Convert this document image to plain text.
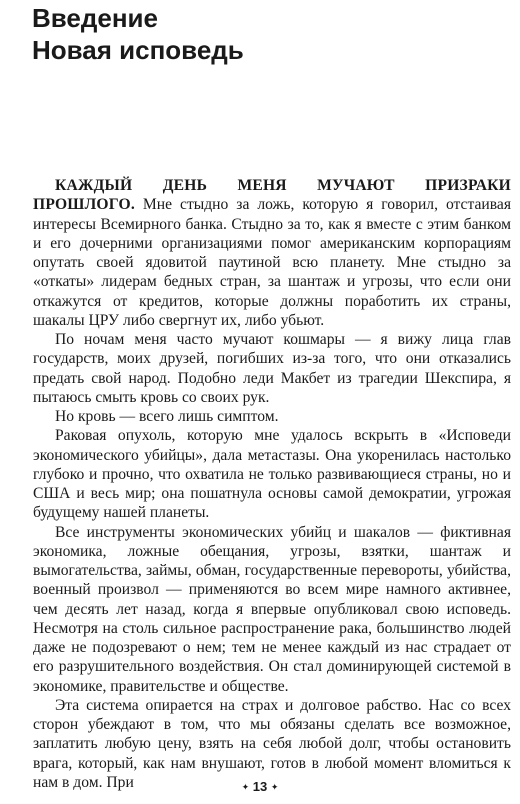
Введение
Новая исповедь

КАЖДЫЙ ДЕНЬ МЕНЯ МУЧАЮТ ПРИЗРАКИ ПРОШЛОГО. Мне стыдно за ложь, которую я говорил, отстаивая интересы Всемирного банка. Стыдно за то, как я вместе с этим банком и его дочерними организациями помог американским корпорациям опутать своей ядовитой паутиной всю планету. Мне стыдно за «откаты» лидерам бедных стран, за шантаж и угрозы, что если они откажутся от кредитов, которые должны поработить их страны, шакалы ЦРУ либо свергнут их, либо убьют.

По ночам меня часто мучают кошмары — я вижу лица глав государств, моих друзей, погибших из-за того, что они отказались предать свой народ. Подобно леди Макбет из трагедии Шекспира, я пытаюсь смыть кровь со своих рук.

Но кровь — всего лишь симптом.

Раковая опухоль, которую мне удалось вскрыть в «Исповеди экономического убийцы», дала метастазы. Она укоренилась настолько глубоко и прочно, что охватила не только развивающиеся страны, но и США и весь мир; она пошатнула основы самой демократии, угрожая будущему нашей планеты.

Все инструменты экономических убийц и шакалов — фиктивная экономика, ложные обещания, угрозы, взятки, шантаж и вымогательства, займы, обман, государственные перевороты, убийства, военный произвол — применяются во всем мире намного активнее, чем десять лет назад, когда я впервые опубликовал свою исповедь. Несмотря на столь сильное распространение рака, большинство людей даже не подозревают о нем; тем не менее каждый из нас страдает от его разрушительного воздействия. Он стал доминирующей системой в экономике, правительстве и обществе.

Эта система опирается на страх и долговое рабство. Нас со всех сторон убеждают в том, что мы обязаны сделать все возможное, заплатить любую цену, взять на себя любой долг, чтобы остановить врага, который, как нам внушают, готов в любой момент вломиться к нам в дом. При	✦ 13 ✦
